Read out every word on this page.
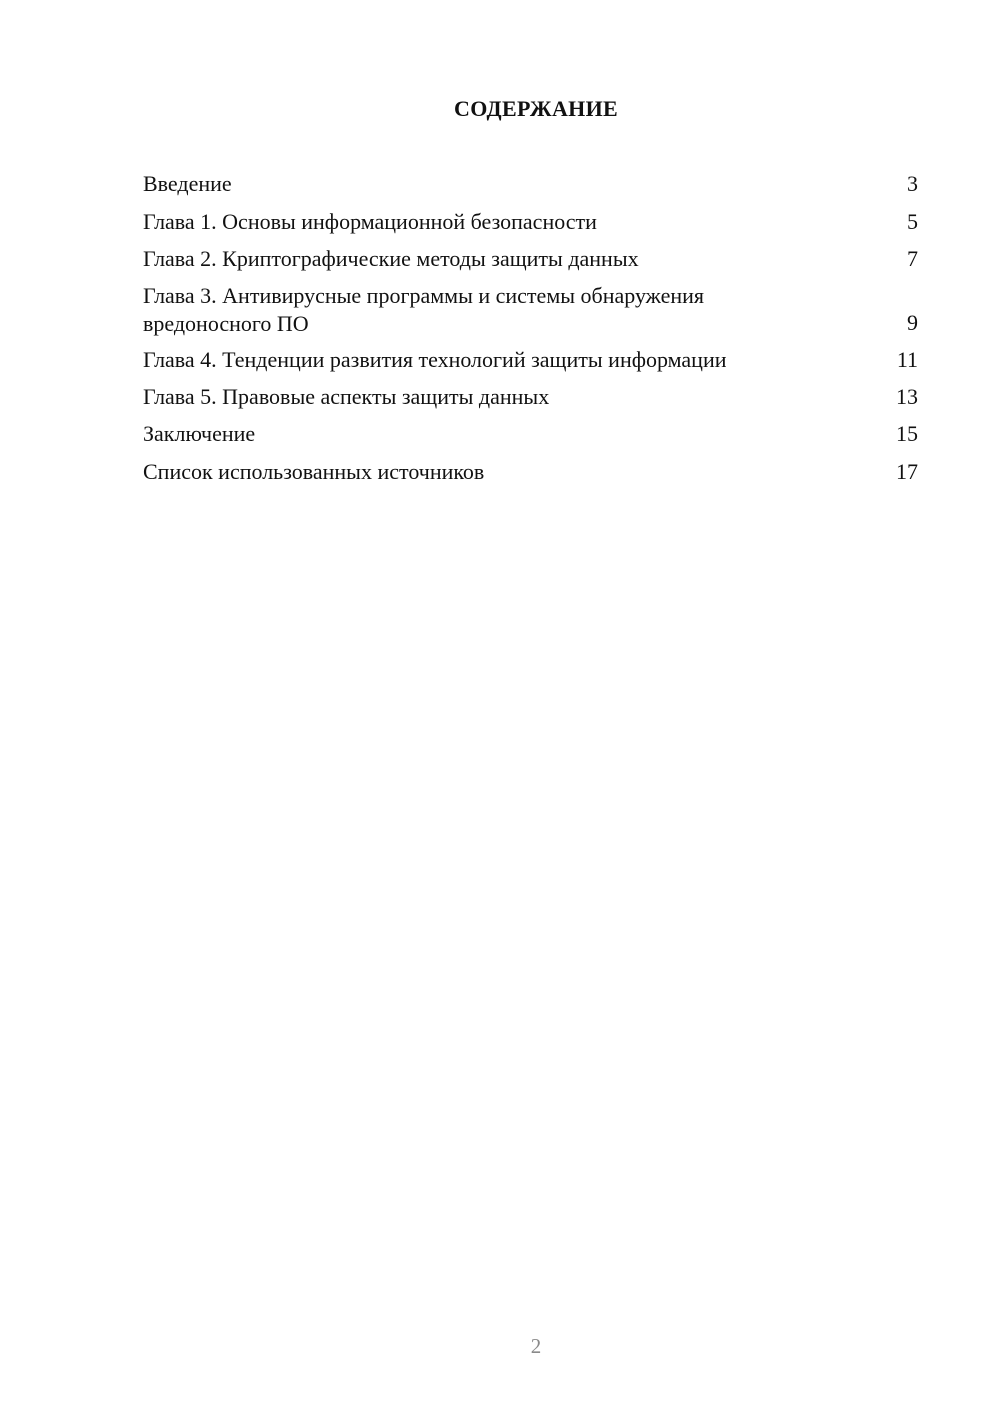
СОДЕРЖАНИЕ
Введение	3
Глава 1. Основы информационной безопасности	5
Глава 2. Криптографические методы защиты данных	7
Глава 3. Антивирусные программы и системы обнаружения
вредоносного ПО	9
Глава 4. Тенденции развития технологий защиты информации	11
Глава 5. Правовые аспекты защиты данных	13
Заключение	15
Список использованных источников	17
2
